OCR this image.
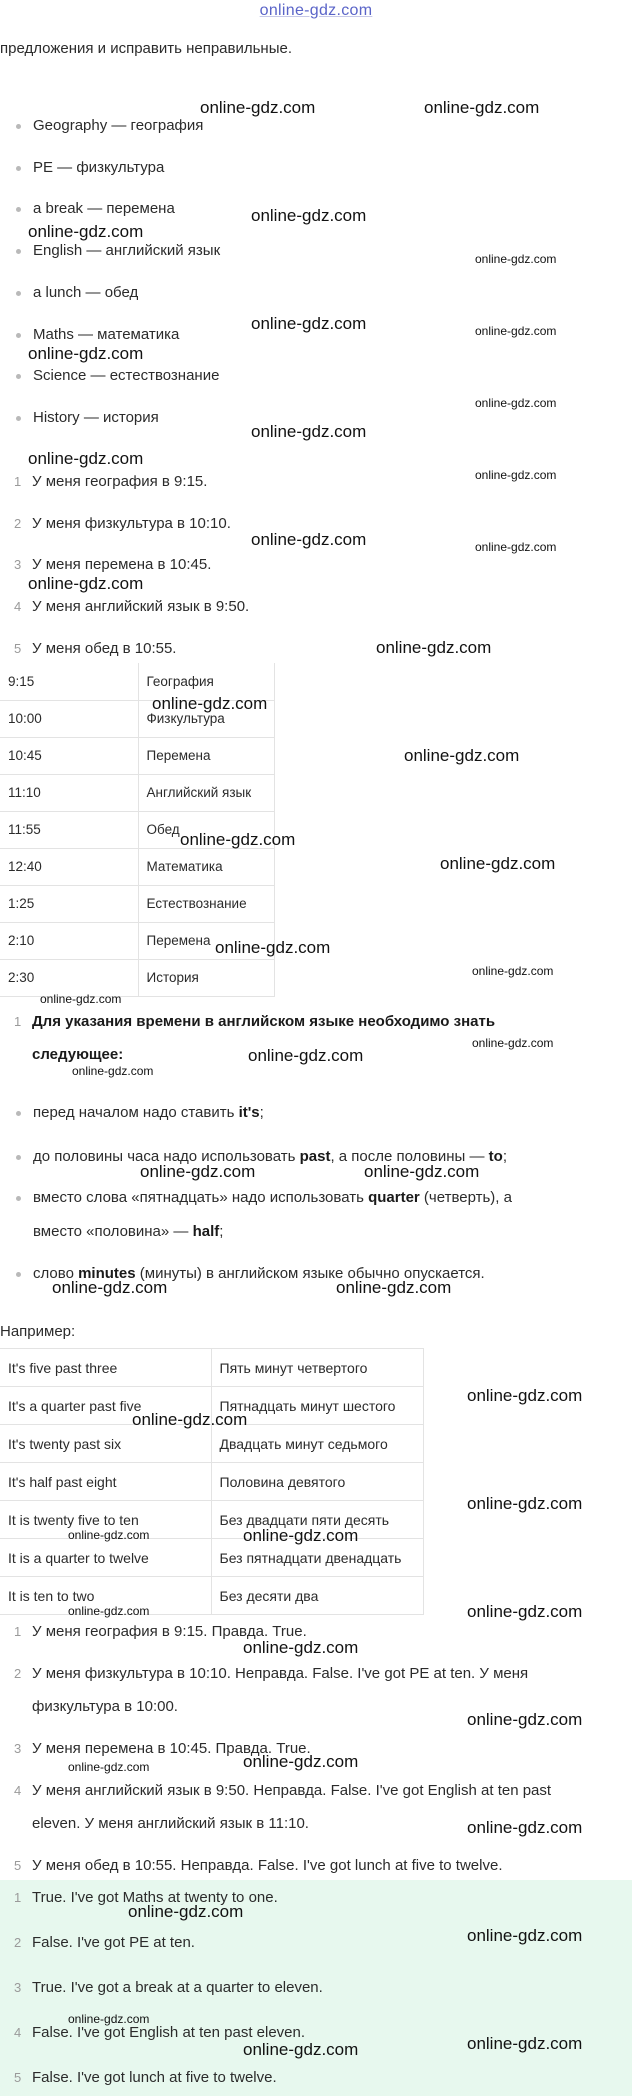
online-gdz.com
предложения и исправить неправильные.
Geography — география
PE — физкультура
a break — перемена
English — английский язык
a lunch — обед
Maths — математика
Science — естествознание
History — история
1 У меня география в 9:15.
2 У меня физкультура в 10:10.
3 У меня перемена в 10:45.
4 У меня английский язык в 9:50.
5 У меня обед в 10:55.
9:15	География
10:00	Физкультура
10:45	Перемена
11:10	Английский язык
11:55	Обед
12:40	Математика
1:25	Естествознание
2:10	Перемена
2:30	История
1 Для указания времени в английском языке необходимо знать
следующее:
перед началом надо ставить it's;
до половины часа надо использовать past, а после половины — to;
вместо слова «пятнадцать» надо использовать quarter (четверть), а
вместо «половина» — half;
слово minutes (минуты) в английском языке обычно опускается.
Например:
It's five past three	Пять минут четвертого
It's a quarter past five	Пятнадцать минут шестого
It's twenty past six	Двадцать минут седьмого
It's half past eight	Половина девятого
It is twenty five to ten	Без двадцати пяти десять
It is a quarter to twelve	Без пятнадцати двенадцать
It is ten to two	Без десяти два
1 У меня география в 9:15. Правда. True.
2 У меня физкультура в 10:10. Неправда. False. I've got PE at ten. У меня
физкультура в 10:00.
3 У меня перемена в 10:45. Правда. True.
4 У меня английский язык в 9:50. Неправда. False. I've got English at ten past
eleven. У меня английский язык в 11:10.
5 У меня обед в 10:55. Неправда. False. I've got lunch at five to twelve.
1 True. I've got Maths at twenty to one.
2 False. I've got PE at ten.
3 True. I've got a break at a quarter to eleven.
4 False. I've got English at ten past eleven.
5 False. I've got lunch at five to twelve.
online-gdz.com	online-gdz.com
online-gdz.com
online-gdz.com
online-gdz.com
online-gdz.com
online-gdz.com
online-gdz.com
online-gdz.com
online-gdz.com
online-gdz.com
online-gdz.com
online-gdz.com
online-gdz.com
online-gdz.com
online-gdz.com
online-gdz.com
online-gdz.com	online-gdz.com
online-gdz.com	online-gdz.com
online-gdz.com
online-gdz.com
online-gdz.com
online-gdz.com
online-gdz.com
online-gdz.com
online-gdz.com
online-gdz.com
online-gdz.com
online-gdz.com
online-gdz.com
online-gdz.com	online-gdz.com
online-gdz.com
online-gdz.com
online-gdz.com
online-gdz.com
online-gdz.com
online-gdz.com
online-gdz.com
online-gdz.com
online-gdz.com
online-gdz.com
online-gdz.com
online-gdz.com
online-gdz.com
